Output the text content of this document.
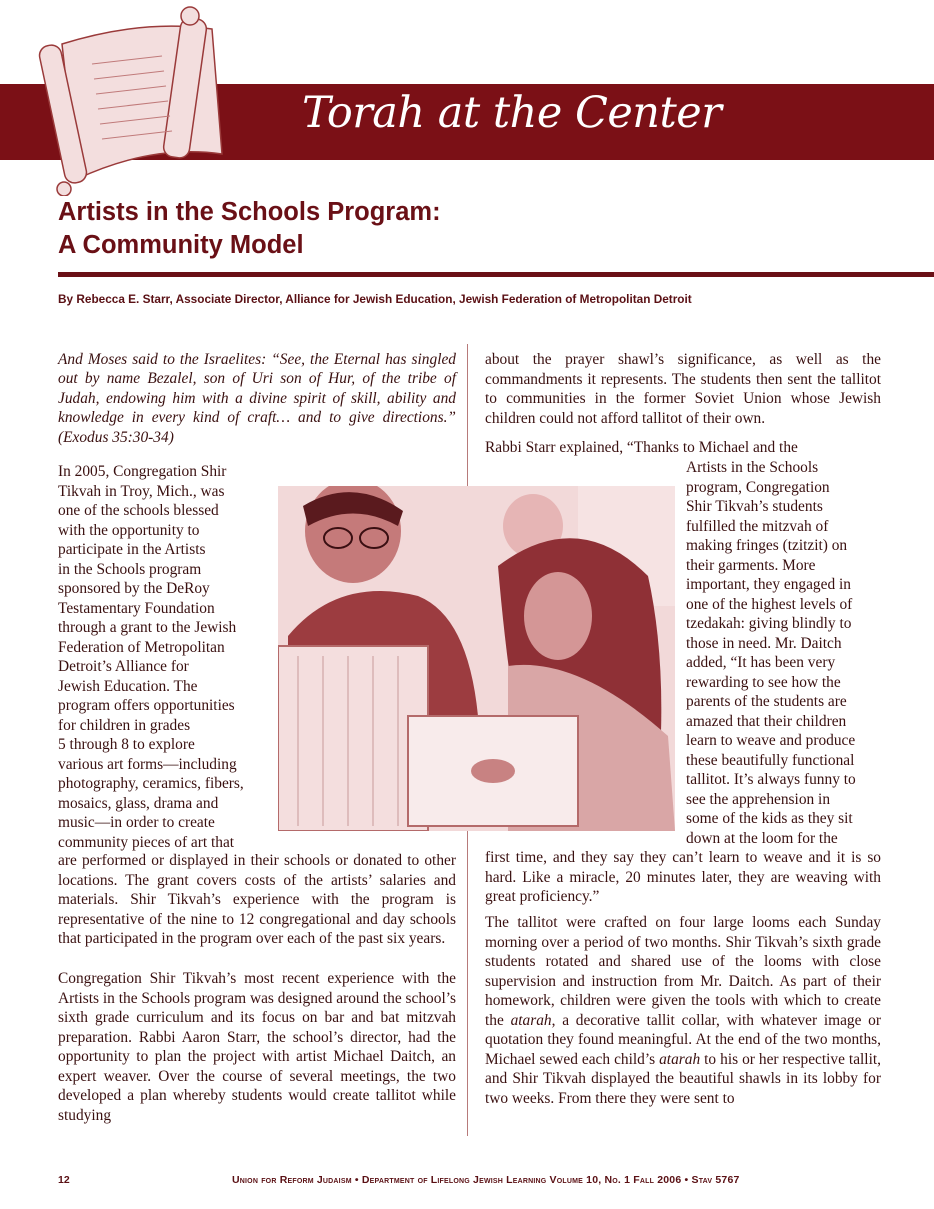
Torah at the Center
Artists in the Schools Program:
A Community Model
By Rebecca E. Starr, Associate Director, Alliance for Jewish Education, Jewish Federation of Metropolitan Detroit

And Moses said to the Israelites: “See, the Eternal has singled out by name Bezalel, son of Uri son of Hur, of the tribe of Judah, endowing him with a divine spirit of skill, ability and knowledge in every kind of craft… and to give directions.” (Exodus 35:30-34)

In 2005, Congregation Shir
Tikvah in Troy, Mich., was
one of the schools blessed
with the opportunity to
participate in the Artists
in the Schools program
sponsored by the DeRoy
Testamentary Foundation
through a grant to the Jewish
Federation of Metropolitan
Detroit’s Alliance for
Jewish Education. The
program offers opportunities
for children in grades
5 through 8 to explore
various art forms—including
photography, ceramics, fibers,
mosaics, glass, drama and
music—in order to create
community pieces of art that

are performed or displayed in their schools or donated to other locations. The grant covers costs of the artists’ salaries and materials. Shir Tikvah’s experience with the program is representative of the nine to 12 congregational and day schools that participated in the program over each of the past six years.

Congregation Shir Tikvah’s most recent experience with the Artists in the Schools program was designed around the school’s sixth grade curriculum and its focus on bar and bat mitzvah preparation. Rabbi Aaron Starr, the school’s director, had the opportunity to plan the project with artist Michael Daitch, an expert weaver. Over the course of several meetings, the two developed a plan whereby students would create tallitot while studying

about the prayer shawl’s significance, as well as the commandments it represents. The students then sent the tallitot to communities in the former Soviet Union whose Jewish children could not afford tallitot of their own.

Rabbi Starr explained, “Thanks to Michael and the

Artists in the Schools
program, Congregation
Shir Tikvah’s students
fulfilled the mitzvah of
making fringes (tzitzit) on
their garments. More
important, they engaged in
one of the highest levels of
tzedakah: giving blindly to
those in need. Mr. Daitch
added, “It has been very
rewarding to see how the
parents of the students are
amazed that their children
learn to weave and produce
these beautifully functional
tallitot. It’s always funny to
see the apprehension in
some of the kids as they sit
down at the loom for the

first time, and they say they can’t learn to weave and it is so hard. Like a miracle, 20 minutes later, they are weaving with great proficiency.”

The tallitot were crafted on four large looms each Sunday morning over a period of two months. Shir Tikvah’s sixth grade students rotated and shared use of the looms with close supervision and instruction from Mr. Daitch. As part of their homework, children were given the tools with which to create the atarah, a decorative tallit collar, with whatever image or quotation they found meaningful. At the end of the two months, Michael sewed each child’s atarah to his or her respective tallit, and Shir Tikvah displayed the beautiful shawls in its lobby for two weeks. From there they were sent to

12	Union for Reform Judaism • Department of Lifelong Jewish Learning Volume 10, No. 1 Fall 2006 • Stav 5767
